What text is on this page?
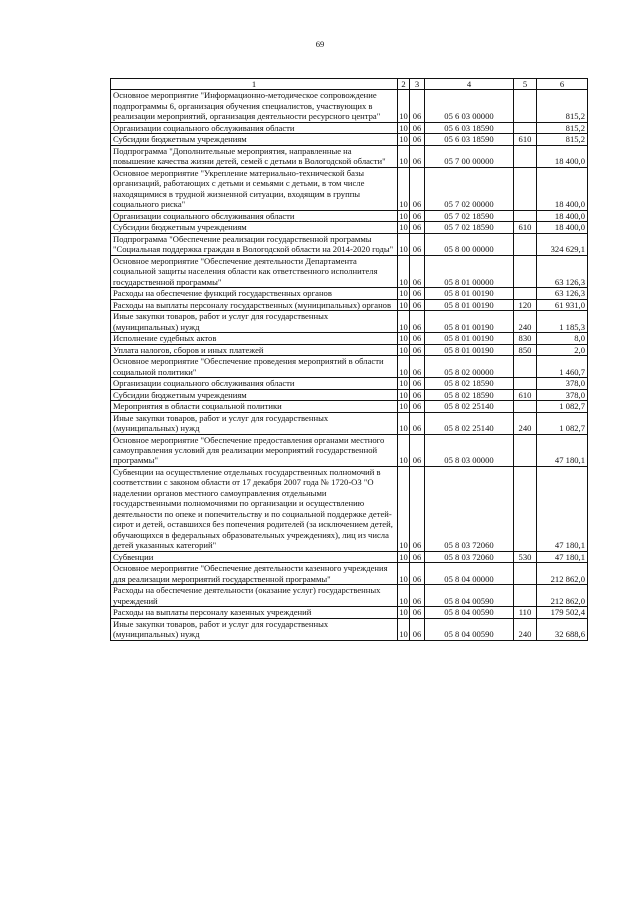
69
1	2	3	4	5	6
Основное мероприятие "Информационно-методическое сопровождение подпрограммы 6, организация обучения специалистов, участвующих в реализации мероприятий, организация деятельности ресурсного центра"	10	06	05 6 03 00000		815,2
Организации социального обслуживания области	10	06	05 6 03 18590		815,2
Субсидии бюджетным учреждениям	10	06	05 6 03 18590	610	815,2
Подпрограмма "Дополнительные мероприятия, направленные на повышение качества жизни детей, семей с детьми в Вологодской области"	10	06	05 7 00 00000		18 400,0
Основное мероприятие "Укрепление материально-технической базы организаций, работающих с детьми и семьями с детьми, в том числе находящимися в трудной жизненной ситуации, входящим в группы социального риска"	10	06	05 7 02 00000		18 400,0
Организации социального обслуживания области	10	06	05 7 02 18590		18 400,0
Субсидии бюджетным учреждениям	10	06	05 7 02 18590	610	18 400,0
Подпрограмма "Обеспечение реализации государственной программы "Социальная поддержка граждан в Вологодской области на 2014-2020 годы"	10	06	05 8 00 00000		324 629,1
Основное мероприятие "Обеспечение деятельности Департамента социальной защиты населения области как ответственного исполнителя государственной программы"	10	06	05 8 01 00000		63 126,3
Расходы на обеспечение функций государственных органов	10	06	05 8 01 00190		63 126,3
Расходы на выплаты персоналу государственных (муниципальных) органов	10	06	05 8 01 00190	120	61 931,0
Иные закупки товаров, работ и услуг для государственных (муниципальных) нужд	10	06	05 8 01 00190	240	1 185,3
Исполнение судебных актов	10	06	05 8 01 00190	830	8,0
Уплата налогов, сборов и иных платежей	10	06	05 8 01 00190	850	2,0
Основное мероприятие "Обеспечение проведения мероприятий в области социальной политики"	10	06	05 8 02 00000		1 460,7
Организации социального обслуживания области	10	06	05 8 02 18590		378,0
Субсидии бюджетным учреждениям	10	06	05 8 02 18590	610	378,0
Мероприятия в области социальной политики	10	06	05 8 02 25140		1 082,7
Иные закупки товаров, работ и услуг для государственных (муниципальных) нужд	10	06	05 8 02 25140	240	1 082,7
Основное мероприятие "Обеспечение предоставления органами местного самоуправления условий для реализации мероприятий государственной программы"	10	06	05 8 03 00000		47 180,1
Субвенции на осуществление отдельных государственных полномочий в соответствии с законом области от 17 декабря 2007 года № 1720-ОЗ "О наделении органов местного самоуправления отдельными государственными полномочиями по организации и осуществлению деятельности по опеке и попечительству и по социальной поддержке детей-сирот и детей, оставшихся без попечения родителей (за исключением детей, обучающихся в федеральных образовательных учреждениях), лиц из числа детей указанных категорий"	10	06	05 8 03 72060		47 180,1
Субвенции	10	06	05 8 03 72060	530	47 180,1
Основное мероприятие "Обеспечение деятельности казенного учреждения для реализации мероприятий государственной программы"	10	06	05 8 04 00000		212 862,0
Расходы на обеспечение деятельности (оказание услуг) государственных учреждений	10	06	05 8 04 00590		212 862,0
Расходы на выплаты персоналу казенных учреждений	10	06	05 8 04 00590	110	179 502,4
Иные закупки товаров, работ и услуг для государственных (муниципальных) нужд	10	06	05 8 04 00590	240	32 688,6
